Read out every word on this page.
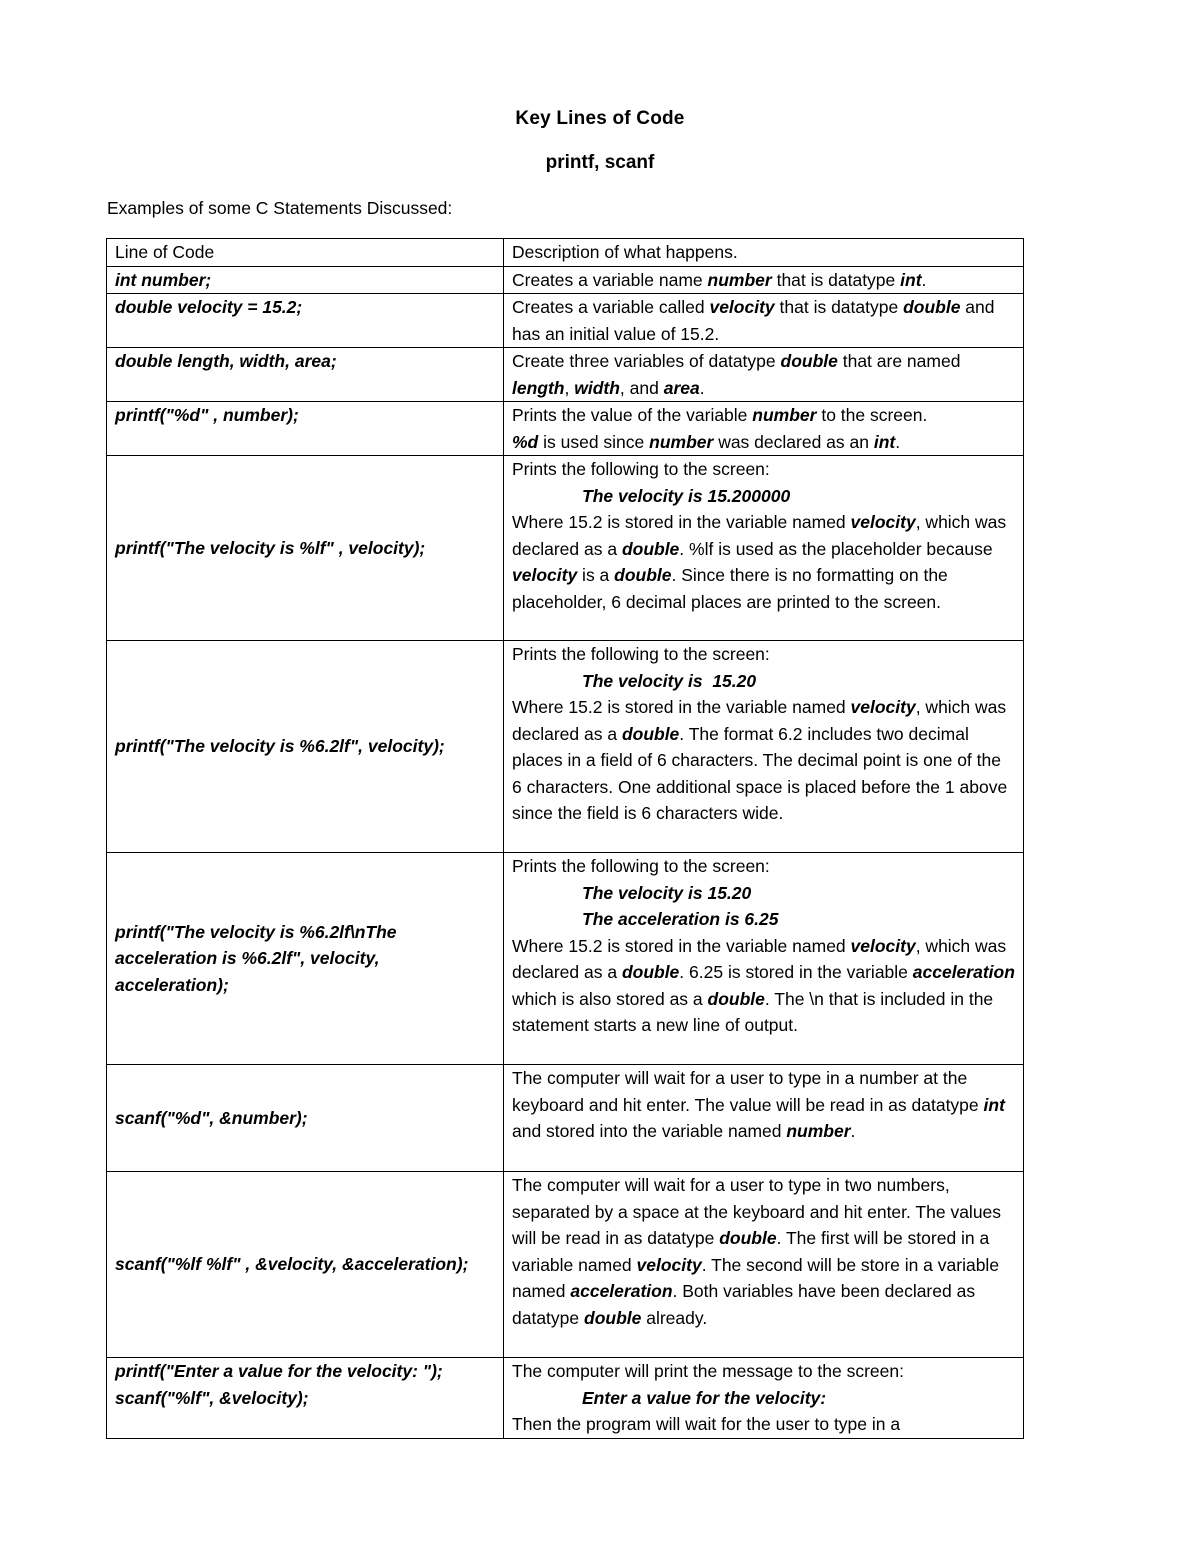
Key Lines of Code
printf, scanf
Examples of some C Statements Discussed:
Line of Code	Description of what happens.
int number;	Creates a variable name number that is datatype int.
double velocity = 15.2;	Creates a variable called velocity that is datatype double and has an initial value of 15.2.
double length, width, area;	Create three variables of datatype double that are named length, width, and area.
printf("%d" , number);	Prints the value of the variable number to the screen.
%d is used since number was declared as an int.

printf("The velocity is %lf" , velocity);	Prints the following to the screen:
The velocity is 15.200000
Where 15.2 is stored in the variable named velocity, which was declared as a double. %lf is used as the placeholder because velocity is a double. Since there is no formatting on the placeholder, 6 decimal places are printed to the screen.
printf("The velocity is %6.2lf", velocity);	Prints the following to the screen:
The velocity is  15.20
Where 15.2 is stored in the variable named velocity, which was declared as a double. The format 6.2 includes two decimal places in a field of 6 characters. The decimal point is one of the 6 characters. One additional space is placed before the 1 above since the field is 6 characters wide.
printf("The velocity is %6.2lf\nThe acceleration is %6.2lf", velocity, acceleration);	Prints the following to the screen:
The velocity is 15.20
The acceleration is 6.25
Where 15.2 is stored in the variable named velocity, which was declared as a double. 6.25 is stored in the variable acceleration which is also stored as a double. The \n that is included in the statement starts a new line of output.
scanf("%d", &number);	The computer will wait for a user to type in a number at the keyboard and hit enter. The value will be read in as datatype int and stored into the variable named number.
scanf("%lf %lf" , &velocity, &acceleration);	The computer will wait for a user to type in two numbers, separated by a space at the keyboard and hit enter. The values will be read in as datatype double. The first will be stored in a variable named velocity. The second will be store in a variable named acceleration. Both variables have been declared as datatype double already.

printf("Enter a value for the velocity: ");
scanf("%lf", &velocity);	The computer will print the message to the screen:
Enter a value for the velocity:
Then the program will wait for the user to type in a
